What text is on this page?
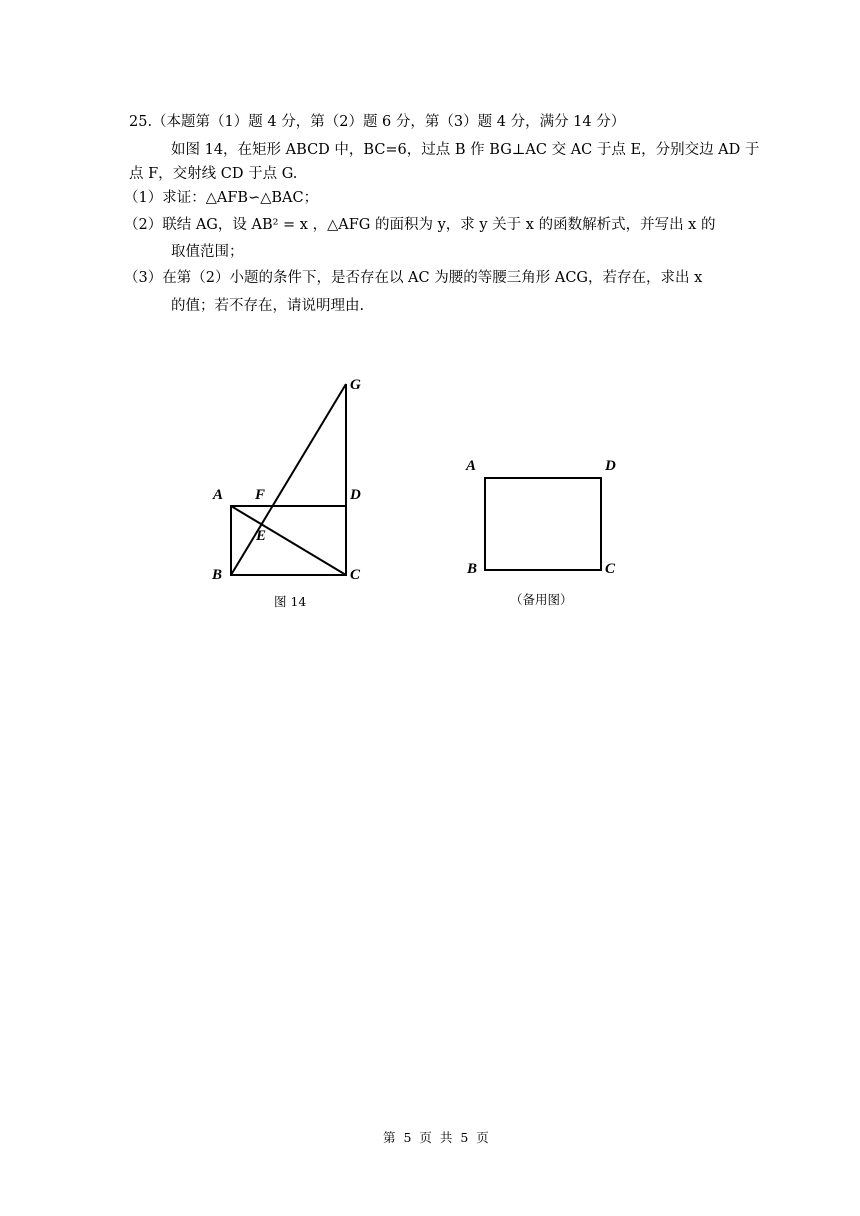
25.（本题第（1）题 4 分，第（2）题 6 分，第（3）题 4 分，满分 14 分）
如图 14，在矩形 ABCD 中，BC=6，过点 B 作 BG⊥AC 交 AC 于点 E，分别交边 AD 于
点 F，交射线 CD 于点 G.
（1）求证：△AFB∽△BAC；
（2）联结 AG，设 AB² = x ，△AFG 的面积为 y，求 y 关于 x 的函数解析式，并写出 x 的
取值范围；
（3）在第（2）小题的条件下，是否存在以 AC 为腰的等腰三角形 ACG，若存在，求出 x
的值；若不存在，请说明理由.
G
A F	D
E
B	C
图 14
A	D
B	C
（备用图）
第 5 页 共 5 页
